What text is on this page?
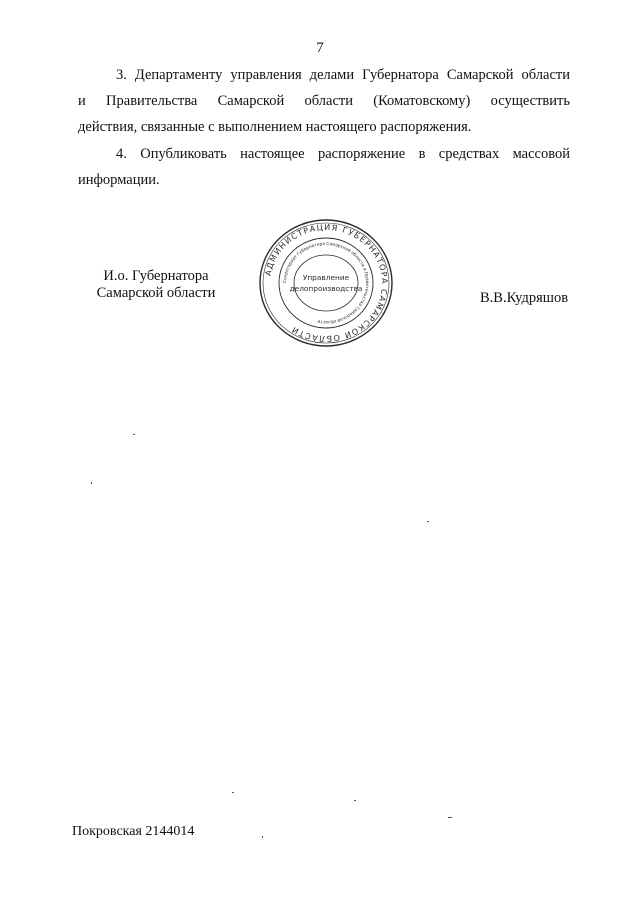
7
3. Департаменту управления делами Губернатора Самарской области
и Правительства Самарской области (Коматовскому) осуществить
действия, связанные с выполнением настоящего распоряжения.
4. Опубликовать настоящее распоряжение в средствах массовой
информации.
И.о. Губернатора
Самарской области
АДМИНИСТРАЦИЯ ГУБЕРНАТОРА САМАРСКОЙ ОБЛАСТИ
Секретариат Губернатора Самарской области и Правительства Самарской области
Управление
делопроизводства
В.В.Кудряшов
Покровская 2144014
